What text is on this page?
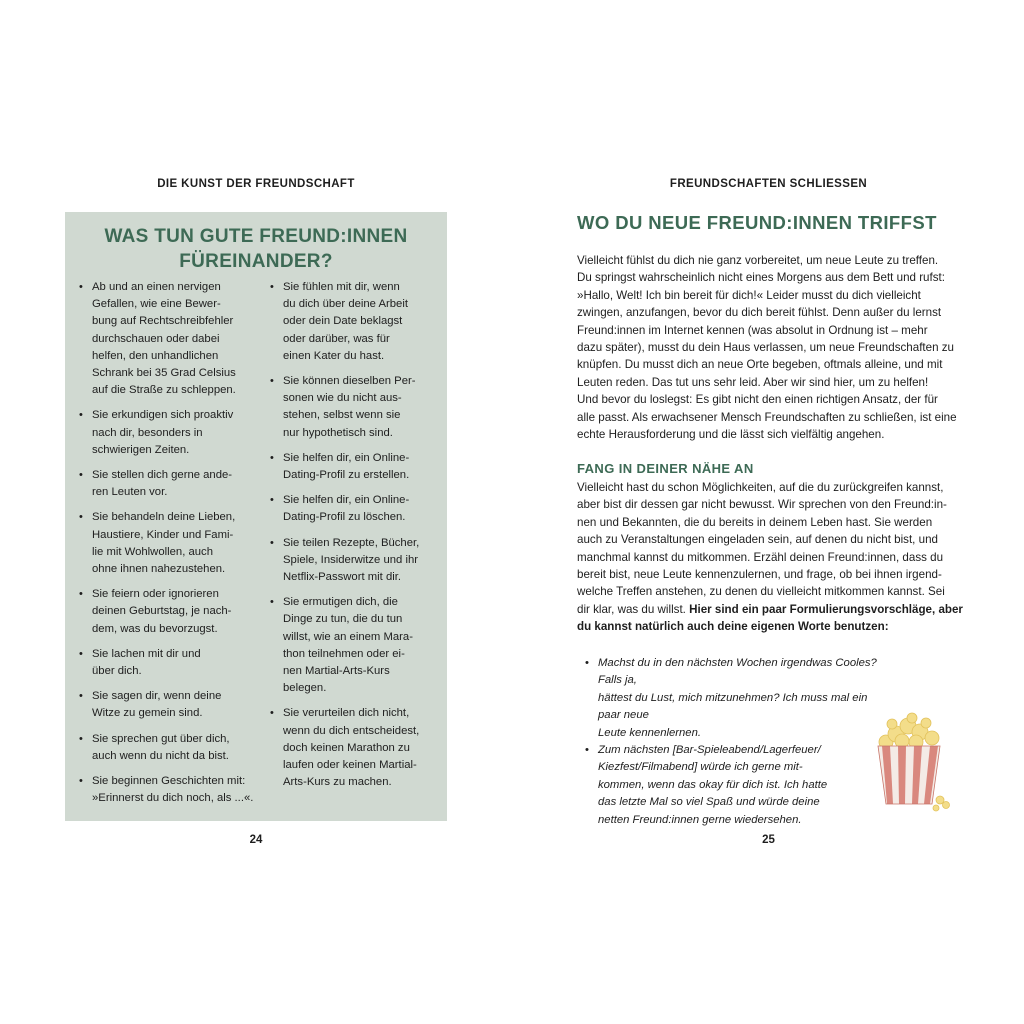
DIE KUNST DER FREUNDSCHAFT
WAS TUN GUTE FREUND:INNEN
FÜREINANDER?
• Ab und an einen nervigen
Gefallen, wie eine Bewer-
bung auf Rechtschreibfehler
durchschauen oder dabei
helfen, den unhandlichen
Schrank bei 35 Grad Celsius
auf die Straße zu schleppen.
• Sie erkundigen sich proaktiv
nach dir, besonders in
schwierigen Zeiten.
• Sie stellen dich gerne ande-
ren Leuten vor.
• Sie behandeln deine Lieben,
Haustiere, Kinder und Fami-
lie mit Wohlwollen, auch
ohne ihnen nahezustehen.
• Sie feiern oder ignorieren
deinen Geburtstag, je nach-
dem, was du bevorzugst.
• Sie lachen mit dir und
über dich.
• Sie sagen dir, wenn deine
Witze zu gemein sind.
• Sie sprechen gut über dich,
auch wenn du nicht da bist.
• Sie beginnen Geschichten mit:
»Erinnerst du dich noch, als ...«.
• Sie fühlen mit dir, wenn
du dich über deine Arbeit
oder dein Date beklagst
oder darüber, was für
einen Kater du hast.
• Sie können dieselben Per-
sonen wie du nicht aus-
stehen, selbst wenn sie
nur hypothetisch sind.
• Sie helfen dir, ein Online-
Dating-Profil zu erstellen.
• Sie helfen dir, ein Online-
Dating-Profil zu löschen.
• Sie teilen Rezepte, Bücher,
Spiele, Insiderwitze und ihr
Netflix-Passwort mit dir.
• Sie ermutigen dich, die
Dinge zu tun, die du tun
willst, wie an einem Mara-
thon teilnehmen oder ei-
nen Martial-Arts-Kurs
belegen.
• Sie verurteilen dich nicht,
wenn du dich entscheidest,
doch keinen Marathon zu
laufen oder keinen Martial-
Arts-Kurs zu machen.
24
FREUNDSCHAFTEN SCHLIESSEN
WO DU NEUE FREUND:INNEN TRIFFST
Vielleicht fühlst du dich nie ganz vorbereitet, um neue Leute zu treffen.
Du springst wahrscheinlich nicht eines Morgens aus dem Bett und rufst:
»Hallo, Welt! Ich bin bereit für dich!« Leider musst du dich vielleicht
zwingen, anzufangen, bevor du dich bereit fühlst. Denn außer du lernst
Freund:innen im Internet kennen (was absolut in Ordnung ist – mehr
dazu später), musst du dein Haus verlassen, um neue Freundschaften zu
knüpfen. Du musst dich an neue Orte begeben, oftmals alleine, und mit
Leuten reden. Das tut uns sehr leid. Aber wir sind hier, um zu helfen!
Und bevor du loslegst: Es gibt nicht den einen richtigen Ansatz, der für
alle passt. Als erwachsener Mensch Freundschaften zu schließen, ist eine
echte Herausforderung und die lässt sich vielfältig angehen.
FANG IN DEINER NÄHE AN
Vielleicht hast du schon Möglichkeiten, auf die du zurückgreifen kannst,
aber bist dir dessen gar nicht bewusst. Wir sprechen von den Freund:in-
nen und Bekannten, die du bereits in deinem Leben hast. Sie werden
auch zu Veranstaltungen eingeladen sein, auf denen du nicht bist, und
manchmal kannst du mitkommen. Erzähl deinen Freund:innen, dass du
bereit bist, neue Leute kennenzulernen, und frage, ob bei ihnen irgend-
welche Treffen anstehen, zu denen du vielleicht mitkommen kannst. Sei
dir klar, was du willst. Hier sind ein paar Formulierungsvorschläge, aber
du kannst natürlich auch deine eigenen Worte benutzen:
• Machst du in den nächsten Wochen irgendwas Cooles? Falls ja,
hättest du Lust, mich mitzunehmen? Ich muss mal ein paar neue
Leute kennenlernen.
• Zum nächsten [Bar-Spieleabend/Lagerfeuer/
Kiezfest/Filmabend] würde ich gerne mit-
kommen, wenn das okay für dich ist. Ich hatte
das letzte Mal so viel Spaß und würde deine
netten Freund:innen gerne wiedersehen.
25
